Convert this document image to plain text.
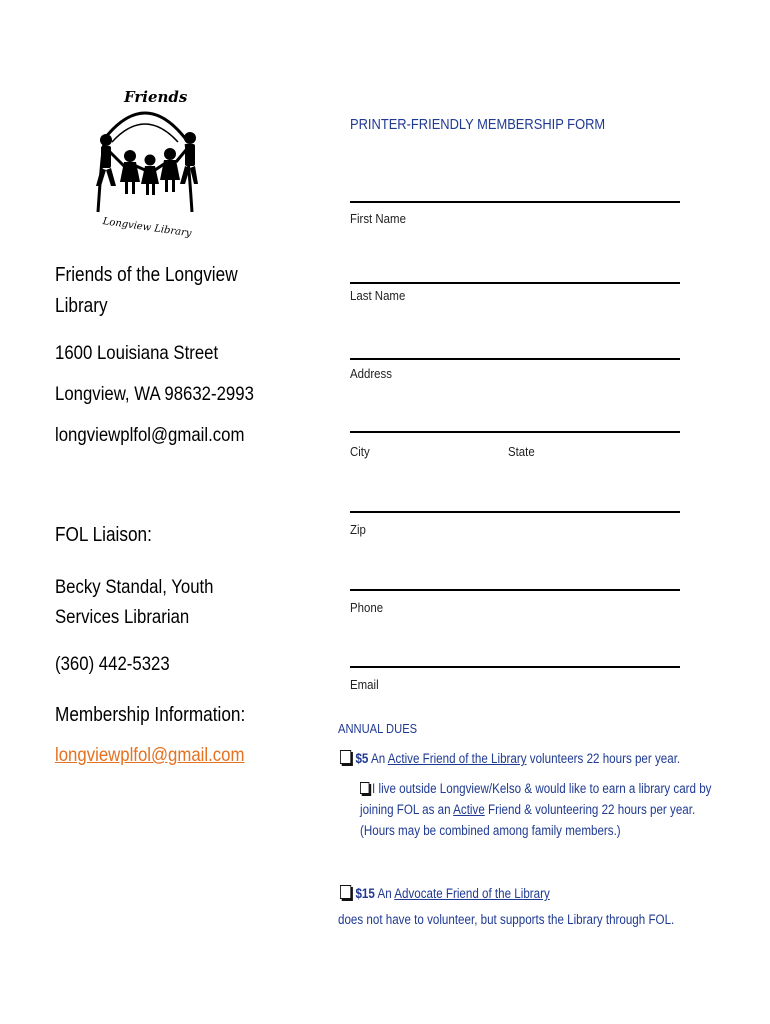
Friends
Longview Library
Friends of the Longview Library
1600 Louisiana Street
Longview, WA 98632-2993
longviewplfol@gmail.com
FOL Liaison:
Becky Standal, Youth Services Librarian
(360) 442-5323
Membership Information:
longviewplfol@gmail.com
PRINTER-FRIENDLY MEMBERSHIP FORM
First Name
Last Name
Address
City	State
Zip
Phone
Email
ANNUAL DUES
$5 An Active Friend of the Library volunteers 22 hours per year.
I live outside Longview/Kelso & would like to earn a library card by
joining FOL as an Active Friend & volunteering 22 hours per year.
(Hours may be combined among family members.)
$15 An Advocate Friend of the Library
does not have to volunteer, but supports the Library through FOL.
